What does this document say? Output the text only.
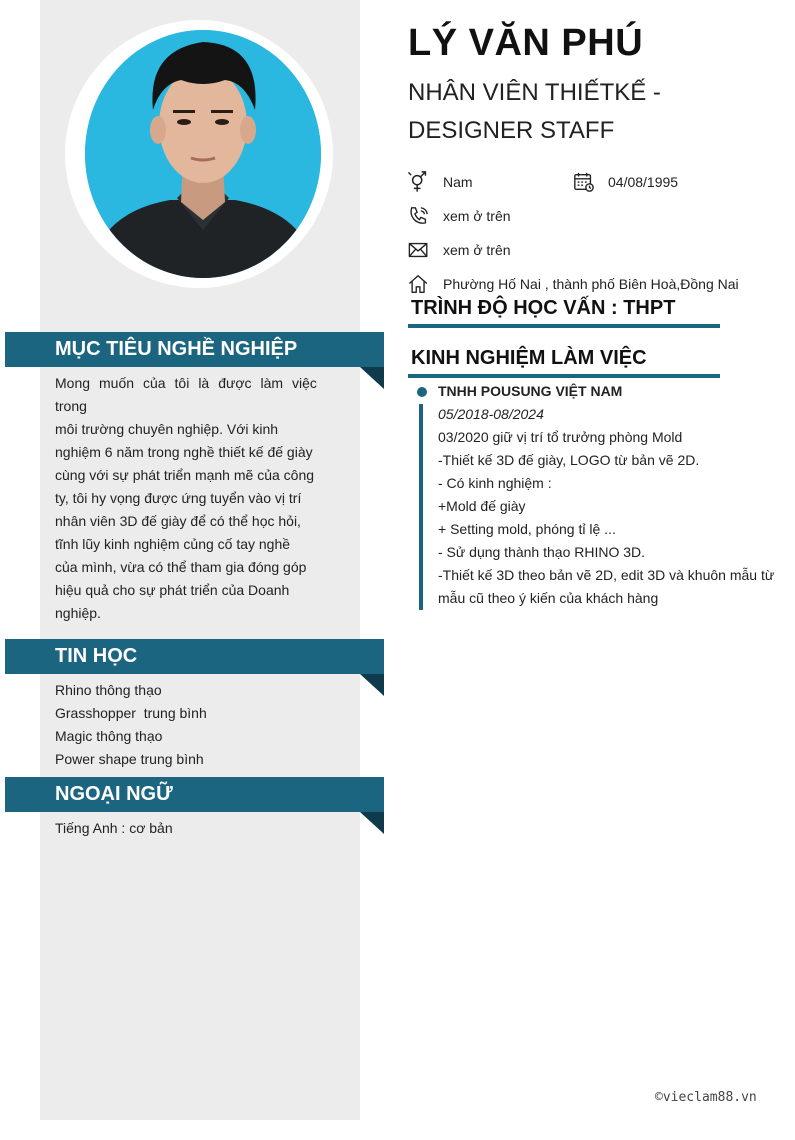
MỤC TIÊU NGHỀ NGHIỆP
Mong muốn của tôi là được làm việc
trong
môi trường chuyên nghiệp. Với kinh
nghiệm 6 năm trong nghề thiết kế đế giày
cùng với sự phát triển mạnh mẽ của công
ty, tôi hy vọng được ứng tuyển vào vị trí
nhân viên 3D đế giày để có thể học hỏi,
tĩnh lũy kinh nghiệm củng cố tay nghề
của mình, vừa có thể tham gia đóng góp
hiệu quả cho sự phát triển của Doanh
nghiệp.
TIN HỌC
Rhino thông thạo
Grasshopper  trung bình
Magic thông thạo
Power shape trung bình
NGOẠI NGỮ
Tiếng Anh : cơ bản
LÝ VĂN PHÚ
NHÂN VIÊN THIẾTKẾ -
DESIGNER STAFF
Nam	04/08/1995
xem ở trên
xem ở trên
Phường Hố Nai , thành phố Biên Hoà,Đồng Nai
TRÌNH ĐỘ HỌC VẤN : THPT
KINH NGHIỆM LÀM VIỆC
TNHH POUSUNG VIỆT NAM
05/2018-08/2024
03/2020 giữ vị trí tổ trưởng phòng Mold
-Thiết kế 3D đế giày, LOGO từ bản vẽ 2D.
- Có kinh nghiệm :
+Mold đế giày
+ Setting mold, phóng tỉ lệ ...
- Sử dụng thành thạo RHINO 3D.
-Thiết kế 3D theo bản vẽ 2D, edit 3D và khuôn mẫu từ
mẫu cũ theo ý kiến của khách hàng
©vieclam88.vn
